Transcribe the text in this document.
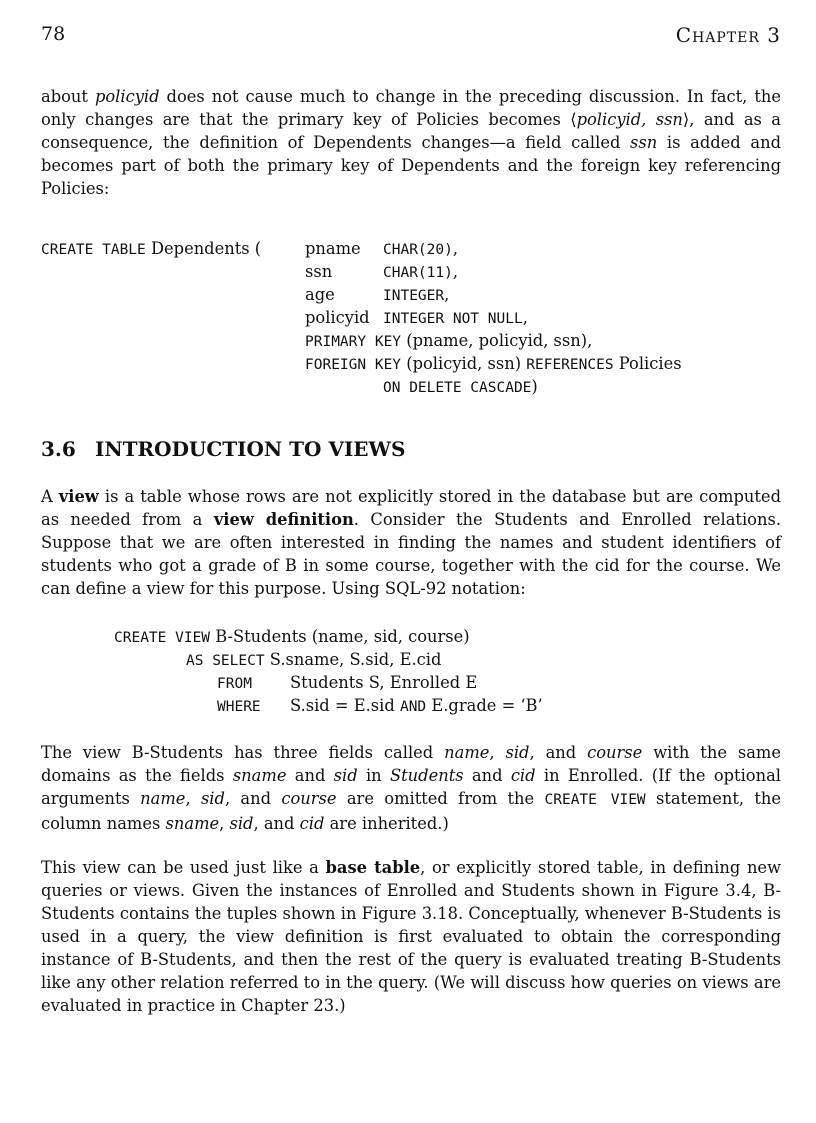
78	Chapter 3

about policyid does not cause much to change in the preceding discussion. In fact, the only changes are that the primary key of Policies becomes ⟨policyid, ssn⟩, and as a consequence, the definition of Dependents changes—a field called ssn is added and becomes part of both the primary key of Dependents and the foreign key referencing Policies:

CREATE TABLE Dependents (	pname CHAR(20),
ssn	CHAR(11),
age	INTEGER,
policyid INTEGER NOT NULL,
PRIMARY KEY (pname, policyid, ssn),
FOREIGN KEY (policyid, ssn) REFERENCES Policies
ON DELETE CASCADE)
3.6 INTRODUCTION TO VIEWS

A view is a table whose rows are not explicitly stored in the database but are computed as needed from a view definition. Consider the Students and Enrolled relations. Suppose that we are often interested in finding the names and student identifiers of students who got a grade of B in some course, together with the cid for the course. We can define a view for this purpose. Using SQL-92 notation:

CREATE VIEW B-Students (name, sid, course)
AS SELECT S.sname, S.sid, E.cid
FROM Students S, Enrolled E
WHERE S.sid = E.sid AND E.grade = ‘B’

The view B-Students has three fields called name, sid, and course with the same domains as the fields sname and sid in Students and cid in Enrolled. (If the optional arguments name, sid, and course are omitted from the CREATE VIEW statement, the column names sname, sid, and cid are inherited.)

This view can be used just like a base table, or explicitly stored table, in defining new queries or views. Given the instances of Enrolled and Students shown in Figure 3.4, B-Students contains the tuples shown in Figure 3.18. Conceptually, whenever B-Students is used in a query, the view definition is first evaluated to obtain the corresponding instance of B-Students, and then the rest of the query is evaluated treating B-Students like any other relation referred to in the query. (We will discuss how queries on views are evaluated in practice in Chapter 23.)
